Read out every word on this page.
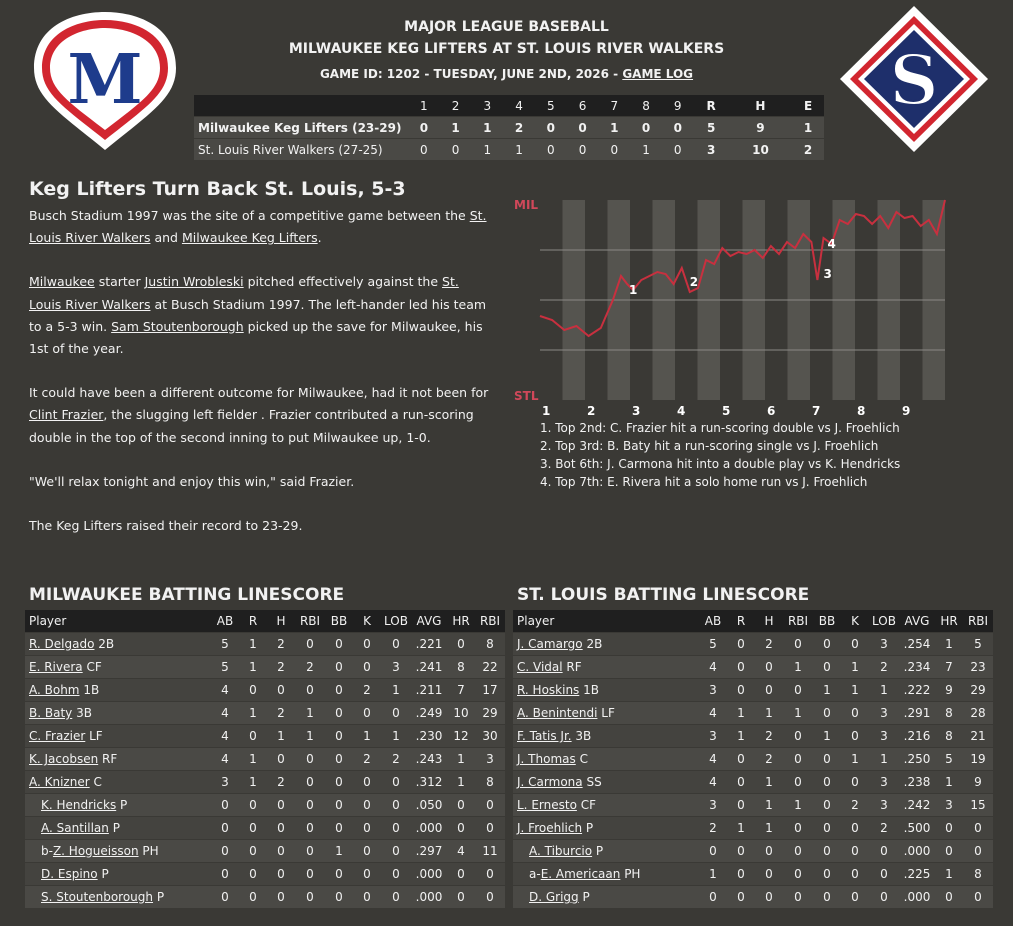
M	S
MAJOR LEAGUE BASEBALL
MILWAUKEE KEG LIFTERS AT ST. LOUIS RIVER WALKERS
GAME ID: 1202 - TUESDAY, JUNE 2ND, 2026 - GAME LOG
	1	2	3	4	5	6	7	8	9	R	H	E
Milwaukee Keg Lifters (23-29)	0	1	1	2	0	0	1	0	0	5	9	1
St. Louis River Walkers (27-25)	0	0	1	1	0	0	0	1	0	3	10	2
Keg Lifters Turn Back St. Louis, 5-3

Busch Stadium 1997 was the site of a competitive game between the St. Louis River Walkers and Milwaukee Keg Lifters.

Milwaukee starter Justin Wrobleski pitched effectively against the St. Louis River Walkers at Busch Stadium 1997. The left-hander led his team to a 5-3 win. Sam Stoutenborough picked up the save for Milwaukee, his 1st of the year.

It could have been a different outcome for Milwaukee, had it not been for Clint Frazier, the slugging left fielder . Frazier contributed a run-scoring double in the top of the second inning to put Milwaukee up, 1-0.

"We'll relax tonight and enjoy this win," said Frazier.

The Keg Lifters raised their record to 23-29.

1
2
3
4
MIL
STL
1	2	3	4	5	6	7	8	9
1. Top 2nd: C. Frazier hit a run-scoring double vs J. Froehlich
2. Top 3rd: B. Baty hit a run-scoring single vs J. Froehlich
3. Bot 6th: J. Carmona hit into a double play vs K. Hendricks
4. Top 7th: E. Rivera hit a solo home run vs J. Froehlich
MILWAUKEE BATTING LINESCORE
Player	AB	R	H	RBI	BB	K	LOB	AVG	HR	RBI
R. Delgado 2B	5	1	2	0	0	0	0	.221	0	8
E. Rivera CF	5	1	2	2	0	0	3	.241	8	22
A. Bohm 1B	4	0	0	0	0	2	1	.211	7	17
B. Baty 3B	4	1	2	1	0	0	0	.249	10	29
C. Frazier LF	4	0	1	1	0	1	1	.230	12	30
K. Jacobsen RF	4	1	0	0	0	2	2	.243	1	3
A. Knizner C	3	1	2	0	0	0	0	.312	1	8
K. Hendricks P	0	0	0	0	0	0	0	.050	0	0
A. Santillan P	0	0	0	0	0	0	0	.000	0	0
b-Z. Hogueisson PH	0	0	0	0	1	0	0	.297	4	11
D. Espino P	0	0	0	0	0	0	0	.000	0	0
S. Stoutenborough P	0	0	0	0	0	0	0	.000	0	0
ST. LOUIS BATTING LINESCORE
Player	AB	R	H	RBI	BB	K	LOB	AVG	HR	RBI
J. Camargo 2B	5	0	2	0	0	0	3	.254	1	5
C. Vidal RF	4	0	0	1	0	1	2	.234	7	23
R. Hoskins 1B	3	0	0	0	1	1	1	.222	9	29
A. Benintendi LF	4	1	1	1	0	0	3	.291	8	28
F. Tatis Jr. 3B	3	1	2	0	1	0	3	.216	8	21
J. Thomas C	4	0	2	0	0	1	1	.250	5	19
J. Carmona SS	4	0	1	0	0	0	3	.238	1	9
L. Ernesto CF	3	0	1	1	0	2	3	.242	3	15
J. Froehlich P	2	1	1	0	0	0	2	.500	0	0
A. Tiburcio P	0	0	0	0	0	0	0	.000	0	0
a-E. Americaan PH	1	0	0	0	0	0	0	.225	1	8
D. Grigg P	0	0	0	0	0	0	0	.000	0	0
